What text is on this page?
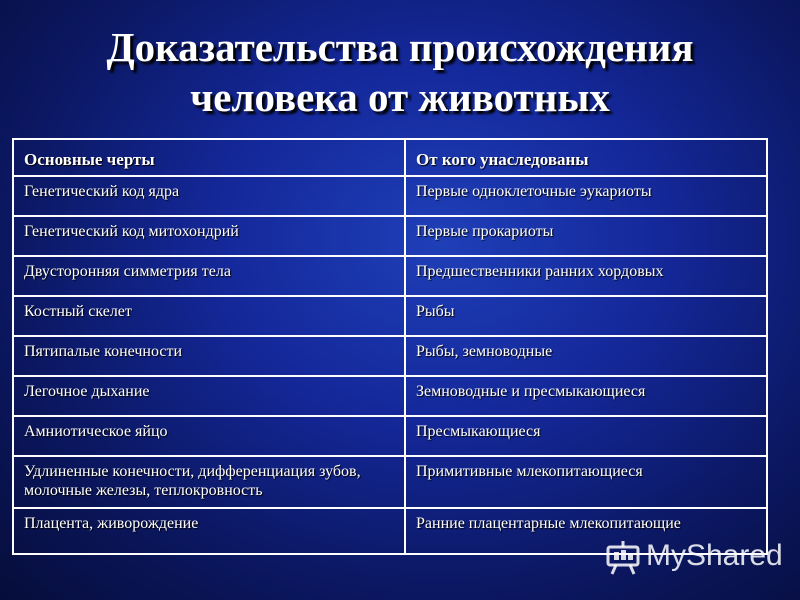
Доказательства происхождения
человека от животных
Основные черты	От кого унаследованы
Генетический код ядра	Первые одноклеточные эукариоты
Генетический код митохондрий	Первые прокариоты
Двусторонняя симметрия тела	Предшественники ранних хордовых
Костный скелет	Рыбы
Пятипалые конечности	Рыбы, земноводные
Легочное дыхание	Земноводные и пресмыкающиеся
Амниотическое яйцо	Пресмыкающиеся
Удлиненные конечности, дифференциация зубов, молочные железы, теплокровность	Примитивные млекопитающиеся
Плацента, живорождение	Ранние плацентарные млекопитающие
MyShared
